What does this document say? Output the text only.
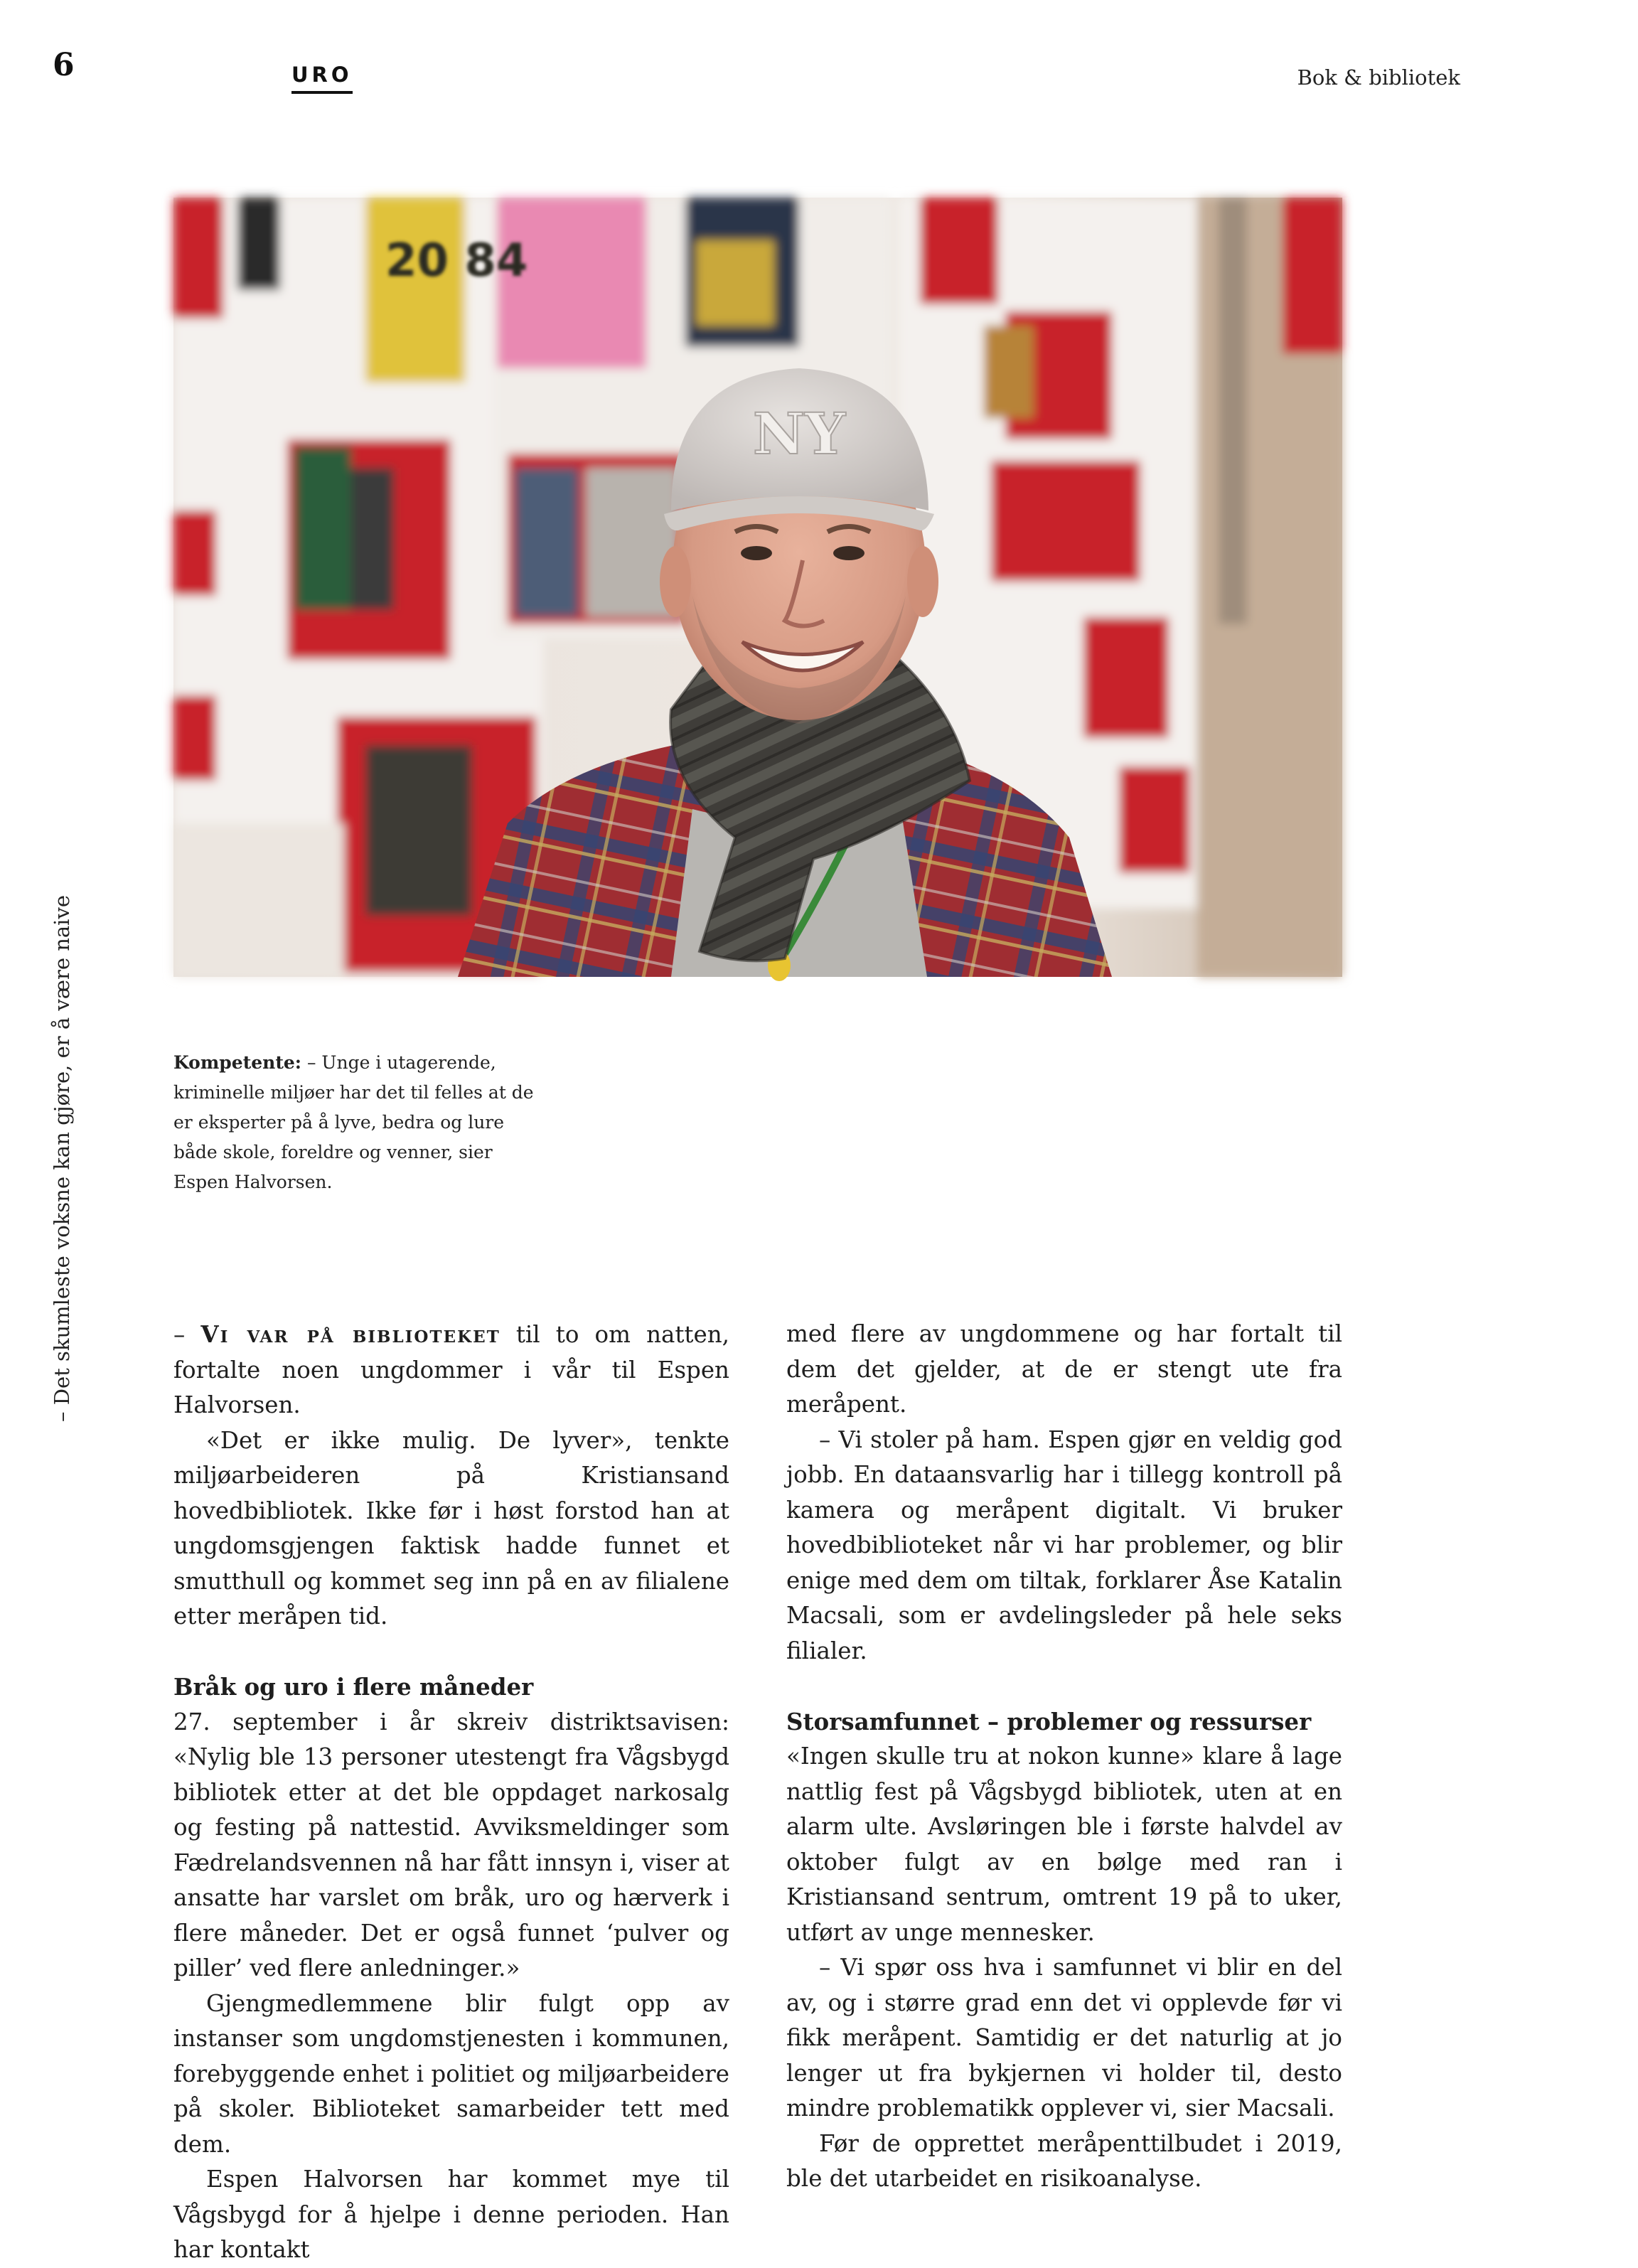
6	URO	Bok & bibliotek
– Det skumleste voksne kan gjøre, er å være naive
20 84
NY
Kompetente: – Unge i utagerende, kriminelle miljøer har det til felles at de er eksperter på å lyve, bedra og lure både skole, foreldre og venner, sier Espen Halvorsen.

– Vi var på biblioteket til to om natten, fortalte noen ungdommer i vår til Espen Halvorsen.

«Det er ikke mulig. De lyver», tenkte miljøarbeideren på Kristiansand hovedbibliotek. Ikke før i høst forstod han at ungdomsgjengen faktisk hadde funnet et smutthull og kommet seg inn på en av filialene etter meråpen tid.

Bråk og uro i flere måneder

27. september i år skreiv distriktsavisen: «Nylig ble 13 personer utestengt fra Vågsbygd bibliotek etter at det ble oppdaget narkosalg og festing på nattestid. Avviksmeldinger som Fædrelandsvennen nå har fått innsyn i, viser at ansatte har varslet om bråk, uro og hærverk i flere måneder. Det er også funnet ‘pulver og piller’ ved flere anledninger.»

Gjengmedlemmene blir fulgt opp av instanser som ungdomstjenesten i kommunen, forebyggende enhet i politiet og miljøarbeidere på skoler. Biblioteket samarbeider tett med dem.

Espen Halvorsen har kommet mye til Vågsbygd for å hjelpe i denne perioden. Han har kontakt

med flere av ungdommene og har fortalt til dem det gjelder, at de er stengt ute fra meråpent.

– Vi stoler på ham. Espen gjør en veldig god jobb. En dataansvarlig har i tillegg kontroll på kamera og meråpent digitalt. Vi bruker hovedbiblioteket når vi har problemer, og blir enige med dem om tiltak, forklarer Åse Katalin Macsali, som er avdelingsleder på hele seks filialer.

Storsamfunnet – problemer og ressurser

«Ingen skulle tru at nokon kunne» klare å lage nattlig fest på Vågsbygd bibliotek, uten at en alarm ulte. Avsløringen ble i første halvdel av oktober fulgt av en bølge med ran i Kristiansand sentrum, omtrent 19 på to uker, utført av unge mennesker.

– Vi spør oss hva i samfunnet vi blir en del av, og i større grad enn det vi opplevde før vi fikk meråpent. Samtidig er det naturlig at jo lenger ut fra bykjernen vi holder til, desto mindre problematikk opplever vi, sier Macsali.

Før de opprettet meråpenttilbudet i 2019, ble det utarbeidet en risikoanalyse.
